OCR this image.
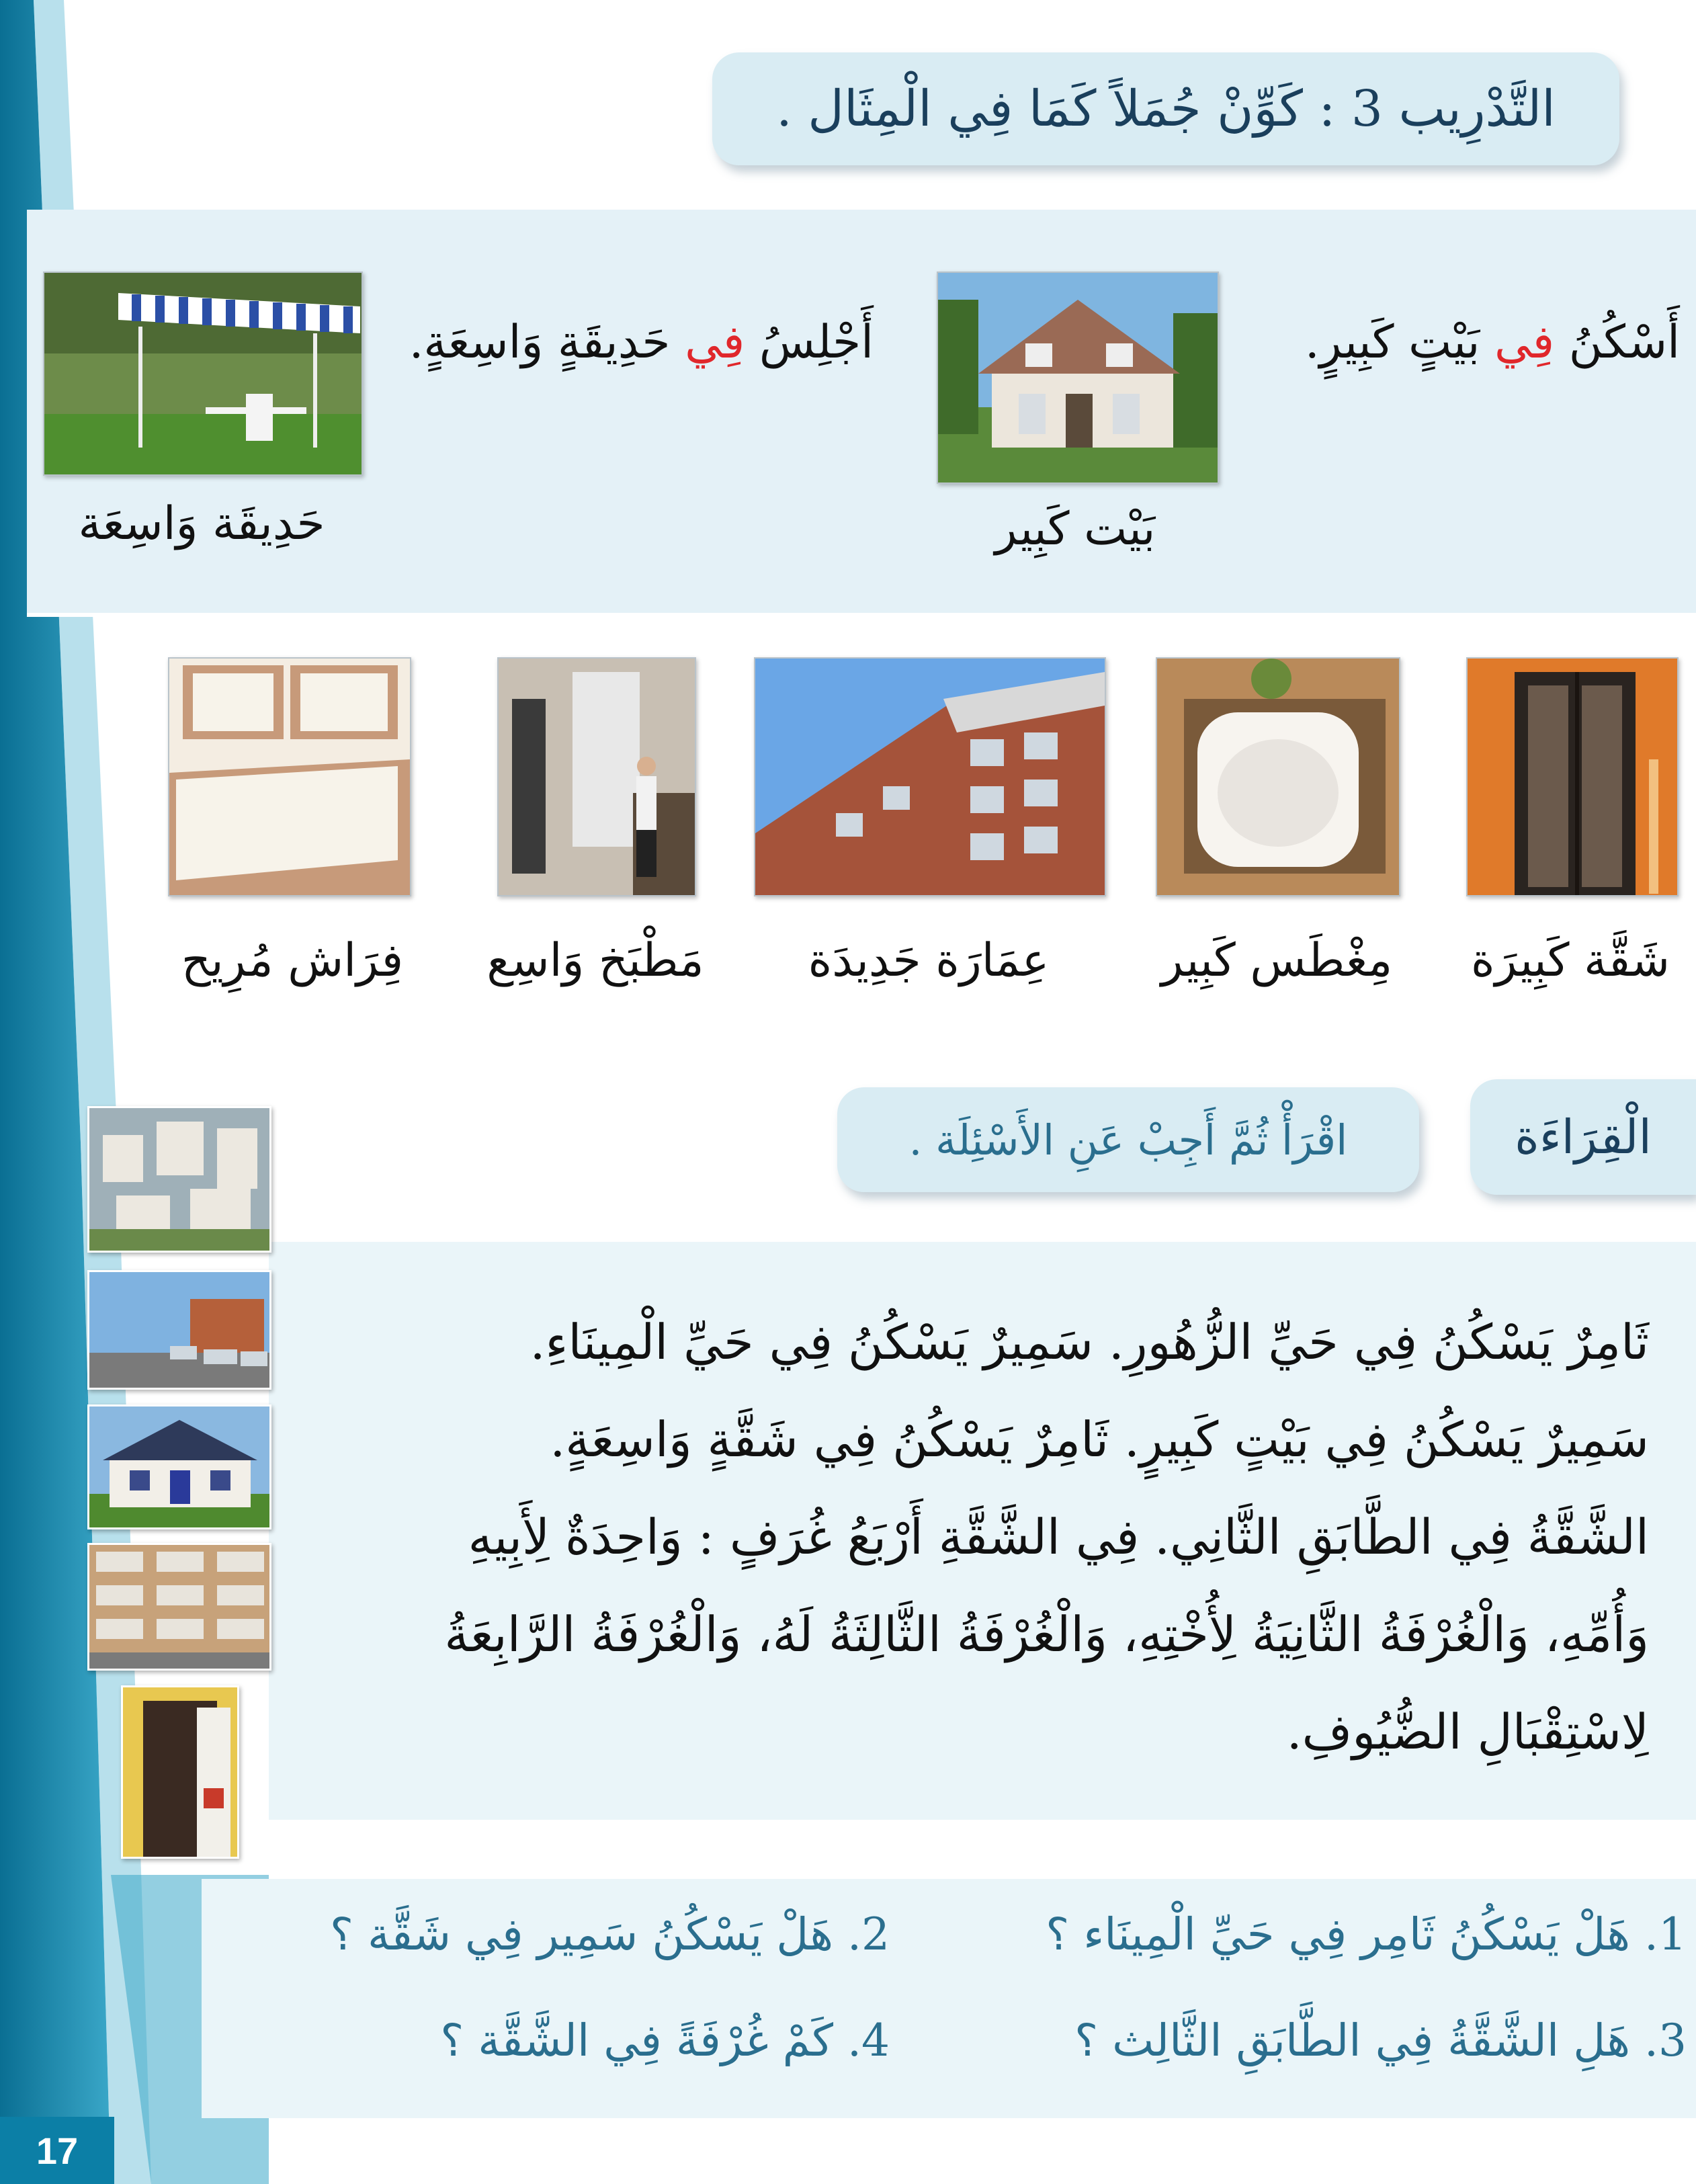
التَّدْرِيب 3 : كَوِّنْ جُمَلاً كَمَا فِي الْمِثَال .
بَيْت كَبِير
أَسْكُنُ فِي بَيْتٍ كَبِيرٍ.
حَدِيقَة وَاسِعَة
أَجْلِسُ فِي حَدِيقَةٍ وَاسِعَةٍ.
شَقَّة كَبِيرَة
مِغْطَس كَبِير
عِمَارَة جَدِيدَة
مَطْبَخ وَاسِع
فِرَاش مُرِيح
الْقِرَاءَة
اقْرَأْ ثُمَّ أَجِبْ عَنِ الأَسْئِلَة .
ثَامِرٌ يَسْكُنُ فِي حَيِّ الزُّهُورِ. سَمِيرٌ يَسْكُنُ فِي حَيِّ الْمِينَاءِ.
سَمِيرٌ يَسْكُنُ فِي بَيْتٍ كَبِيرٍ. ثَامِرٌ يَسْكُنُ فِي شَقَّةٍ وَاسِعَةٍ.
الشَّقَّةُ فِي الطَّابَقِ الثَّانِي. فِي الشَّقَّةِ أَرْبَعُ غُرَفٍ : وَاحِدَةٌ لِأَبِيهِ
وَأُمِّهِ، وَالْغُرْفَةُ الثَّانِيَةُ لِأُخْتِهِ، وَالْغُرْفَةُ الثَّالِثَةُ لَهُ، وَالْغُرْفَةُ الرَّابِعَةُ
لِاسْتِقْبَالِ الضُّيُوفِ.
1. هَلْ يَسْكُنُ ثَامِر فِي حَيِّ الْمِينَاء ؟
2. هَلْ يَسْكُنُ سَمِير فِي شَقَّة ؟
3. هَلِ الشَّقَّةُ فِي الطَّابَقِ الثَّالِث ؟
4. كَمْ غُرْفَةً فِي الشَّقَّة ؟
17
